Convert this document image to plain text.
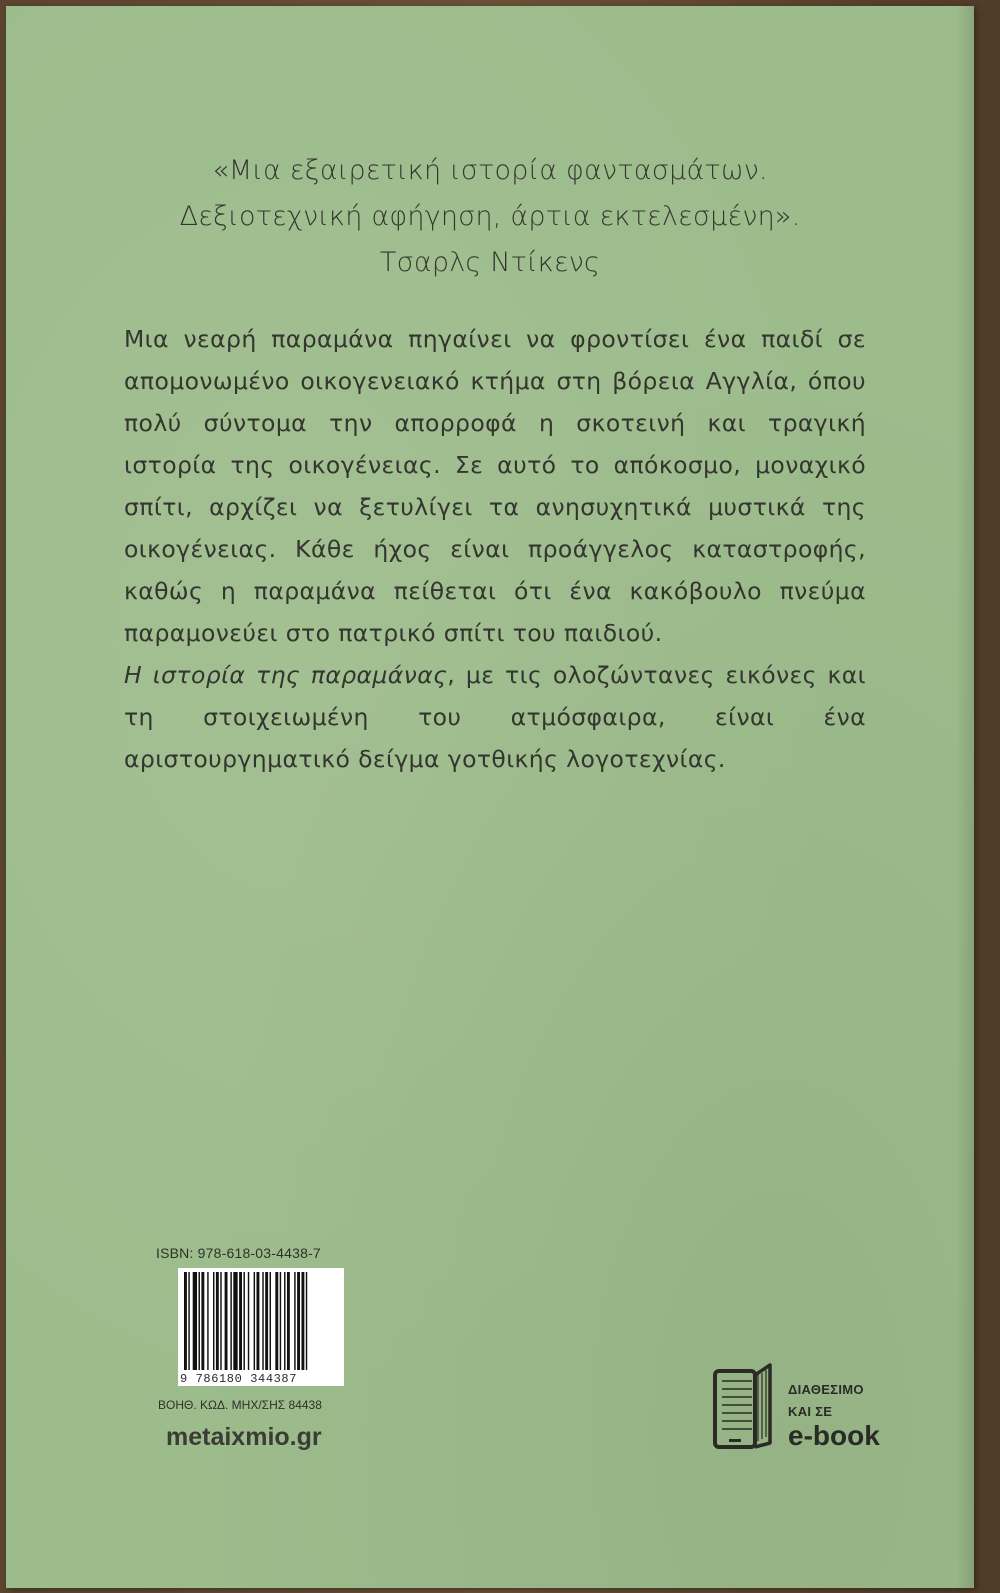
«Μια εξαιρετική ιστορία φαντασμάτων.
Δεξιοτεχνική αφήγηση, άρτια εκτελεσμένη».
Τσαρλς Ντίκενς

Μια νεαρή παραμάνα πηγαίνει να φροντίσει ένα παιδί σε απομονωμένο οικογενειακό κτήμα στη βόρεια Αγγλία, όπου πολύ σύντομα την απορροφά η σκοτεινή και τραγική ιστορία της οικογένειας. Σε αυτό το απόκοσμο, μοναχικό σπίτι, αρχίζει να ξετυλίγει τα ανησυχητικά μυστικά της οικογένειας. Κάθε ήχος είναι προάγγελος καταστροφής, καθώς η παραμάνα πείθεται ότι ένα κακόβουλο πνεύμα παραμονεύει στο πατρικό σπίτι του παιδιού.

Η ιστορία της παραμάνας, με τις ολοζώντανες εικόνες και τη στοιχειωμένη του ατμόσφαιρα, είναι ένα αριστουργηματικό δείγμα γοτθικής λογοτεχνίας.

ISBN: 978-618-03-4438-7
9 786180 344387
ΒΟΗΘ. ΚΩΔ. ΜΗΧ/ΣΗΣ 84438
metaixmio.gr
ΔΙΑΘΕΣΙΜΟ
ΚΑΙ ΣΕ
e-book
